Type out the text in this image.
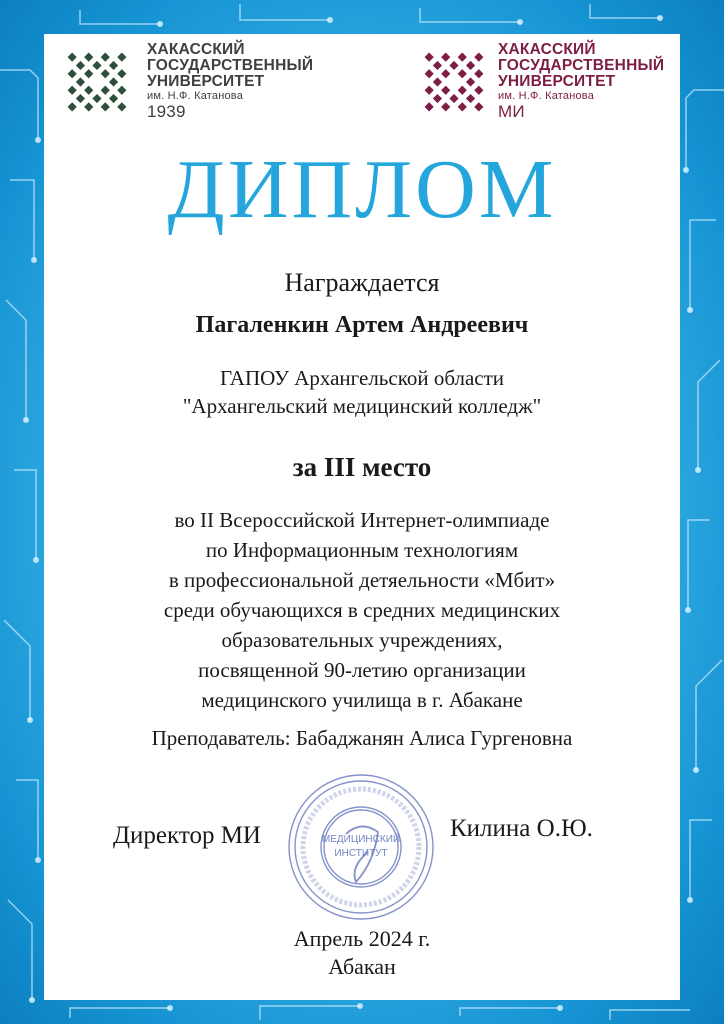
ХАКАССКИЙ
ГОСУДАРСТВЕННЫЙ
УНИВЕРСИТЕТ
им. Н.Ф. Катанова
1939
ХАКАССКИЙ
ГОСУДАРСТВЕННЫЙ
УНИВЕРСИТЕТ
им. Н.Ф. Катанова
МИ
ДИПЛОМ
Награждается
Пагаленкин Артем Андреевич
ГАПОУ Архангельской области
"Архангельский медицинский колледж"
за III место
во II Всероссийской Интернет-олимпиаде
по Информационным технологиям
в профессиональной детяельности «Мбит»
среди обучающихся в средних медицинских
образовательных учреждениях,
посвященной 90-летию организации
медицинского училища в г. Абакане
Преподаватель: Бабаджанян Алиса Гургеновна
Директор МИ	МЕДИЦИНСКИЙ
ИНСТИТУТ
Килина О.Ю.
Апрель 2024 г.
Абакан
